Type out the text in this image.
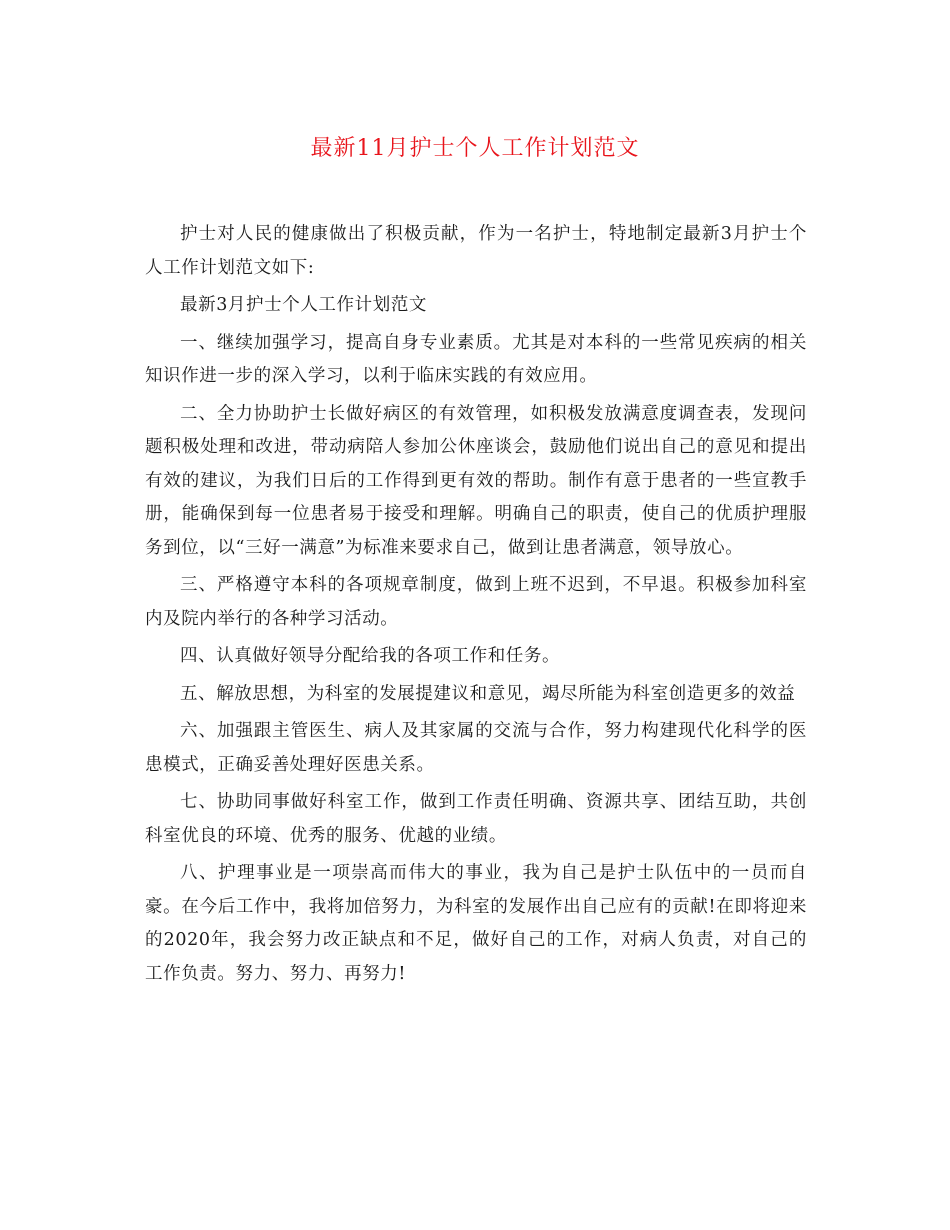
最新11月护士个人工作计划范文

护士对人民的健康做出了积极贡献，作为一名护士，特地制定最新3月护士个人工作计划范文如下:

最新3月护士个人工作计划范文

一、继续加强学习，提高自身专业素质。尤其是对本科的一些常见疾病的相关知识作进一步的深入学习，以利于临床实践的有效应用。

二、全力协助护士长做好病区的有效管理，如积极发放满意度调查表，发现问题积极处理和改进，带动病陪人参加公休座谈会，鼓励他们说出自己的意见和提出有效的建议，为我们日后的工作得到更有效的帮助。制作有意于患者的一些宣教手册，能确保到每一位患者易于接受和理解。明确自己的职责，使自己的优质护理服务到位，以“三好一满意”为标准来要求自己，做到让患者满意，领导放心。

三、严格遵守本科的各项规章制度，做到上班不迟到，不早退。积极参加科室内及院内举行的各种学习活动。

四、认真做好领导分配给我的各项工作和任务。

五、解放思想，为科室的发展提建议和意见，竭尽所能为科室创造更多的效益

六、加强跟主管医生、病人及其家属的交流与合作，努力构建现代化科学的医患模式，正确妥善处理好医患关系。

七、协助同事做好科室工作，做到工作责任明确、资源共享、团结互助，共创科室优良的环境、优秀的服务、优越的业绩。

八、护理事业是一项崇高而伟大的事业，我为自己是护士队伍中的一员而自豪。在今后工作中，我将加倍努力，为科室的发展作出自己应有的贡献!在即将迎来的2020年，我会努力改正缺点和不足，做好自己的工作，对病人负责，对自己的工作负责。努力、努力、再努力!
